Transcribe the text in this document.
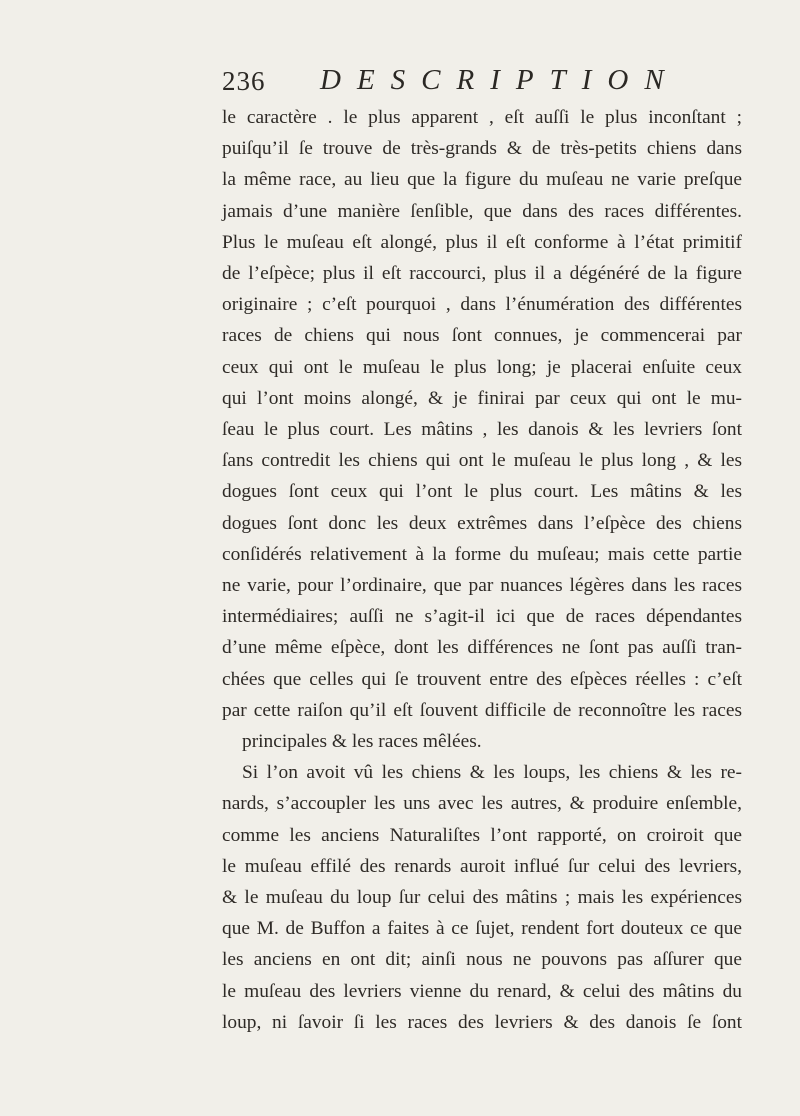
236 DESCRIPTION
le caractère . le plus apparent , eſt auſſi le plus inconſtant ;
puiſqu’il ſe trouve de très-grands & de très-petits chiens dans
la même race, au lieu que la figure du muſeau ne varie preſque
jamais d’une manière ſenſible, que dans des races différentes.
Plus le muſeau eſt alongé, plus il eſt conforme à l’état primitif
de l’eſpèce; plus il eſt raccourci, plus il a dégénéré de la figure
originaire ; c’eſt pourquoi , dans l’énumération des différentes
races de chiens qui nous ſont connues, je commencerai par
ceux qui ont le muſeau le plus long; je placerai enſuite ceux
qui l’ont moins alongé, & je finirai par ceux qui ont le mu-
ſeau le plus court. Les mâtins , les danois & les levriers ſont
ſans contredit les chiens qui ont le muſeau le plus long , & les
dogues ſont ceux qui l’ont le plus court. Les mâtins & les
dogues ſont donc les deux extrêmes dans l’eſpèce des chiens
conſidérés relativement à la forme du muſeau; mais cette partie
ne varie, pour l’ordinaire, que par nuances légères dans les races
intermédiaires; auſſi ne s’agit-il ici que de races dépendantes
d’une même eſpèce, dont les différences ne ſont pas auſſi tran-
chées que celles qui ſe trouvent entre des eſpèces réelles : c’eſt
par cette raiſon qu’il eſt ſouvent difficile de reconnoître les races
principales & les races mêlées.
Si l’on avoit vû les chiens & les loups, les chiens & les re-
nards, s’accoupler les uns avec les autres, & produire enſemble,
comme les anciens Naturaliſtes l’ont rapporté, on croiroit que
le muſeau effilé des renards auroit influé ſur celui des levriers,
& le muſeau du loup ſur celui des mâtins ; mais les expériences
que M. de Buffon a faites à ce ſujet, rendent fort douteux ce que
les anciens en ont dit; ainſi nous ne pouvons pas aſſurer que
le muſeau des levriers vienne du renard, & celui des mâtins du
loup, ni ſavoir ſi les races des levriers & des danois ſe ſont
